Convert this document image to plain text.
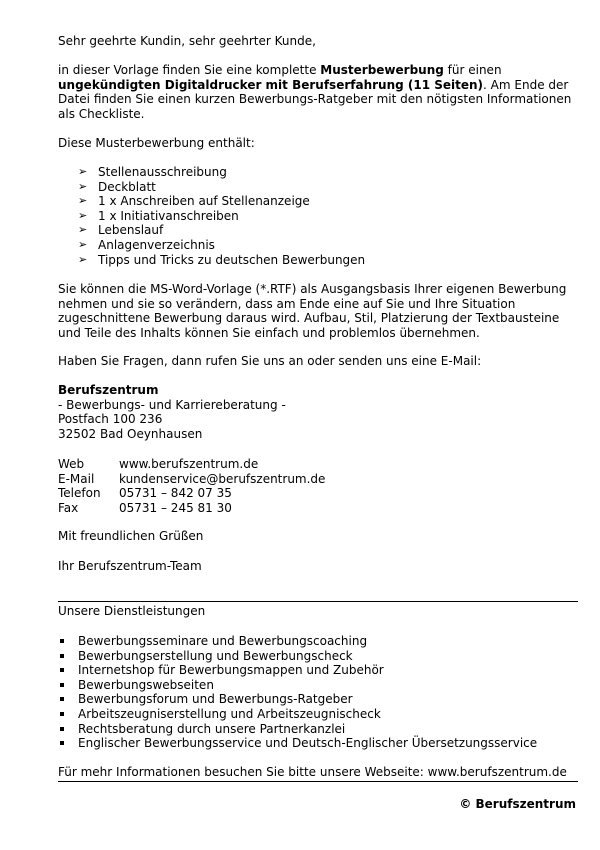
Sehr geehrte Kundin, sehr geehrter Kunde,

in dieser Vorlage finden Sie eine komplette Musterbewerbung für einen ungekündigten Digitaldrucker mit Berufserfahrung (11 Seiten). Am Ende der Datei finden Sie einen kurzen Bewerbungs-Ratgeber mit den nötigsten Informationen als Checkliste.

Diese Musterbewerbung enthält:

➢ Stellenausschreibung
➢ Deckblatt
➢ 1 x Anschreiben auf Stellenanzeige
➢ 1 x Initiativanschreiben
➢ Lebenslauf
➢ Anlagenverzeichnis
➢ Tipps und Tricks zu deutschen Bewerbungen

Sie können die MS-Word-Vorlage (*.RTF) als Ausgangsbasis Ihrer eigenen Bewerbung nehmen und sie so verändern, dass am Ende eine auf Sie und Ihre Situation zugeschnittene Bewerbung daraus wird. Aufbau, Stil, Platzierung der Textbausteine und Teile des Inhalts können Sie einfach und problemlos übernehmen.

Haben Sie Fragen, dann rufen Sie uns an oder senden uns eine E-Mail:

Berufszentrum
- Bewerbungs- und Karriereberatung -
Postfach 100 236
32502 Bad Oeynhausen
Web	www.berufszentrum.de
E-Mail	kundenservice@berufszentrum.de
Telefon	05731 – 842 07 35
Fax	05731 – 245 81 30

Mit freundlichen Grüßen

Ihr Berufszentrum-Team

Unsere Dienstleistungen

Bewerbungsseminare und Bewerbungscoaching
Bewerbungserstellung und Bewerbungscheck
Internetshop für Bewerbungsmappen und Zubehör
Bewerbungswebseiten
Bewerbungsforum und Bewerbungs-Ratgeber
Arbeitszeugniserstellung und Arbeitszeugnischeck
Rechtsberatung durch unsere Partnerkanzlei
Englischer Bewerbungsservice und Deutsch-Englischer Übersetzungsservice

Für mehr Informationen besuchen Sie bitte unsere Webseite: www.berufszentrum.de

© Berufszentrum
